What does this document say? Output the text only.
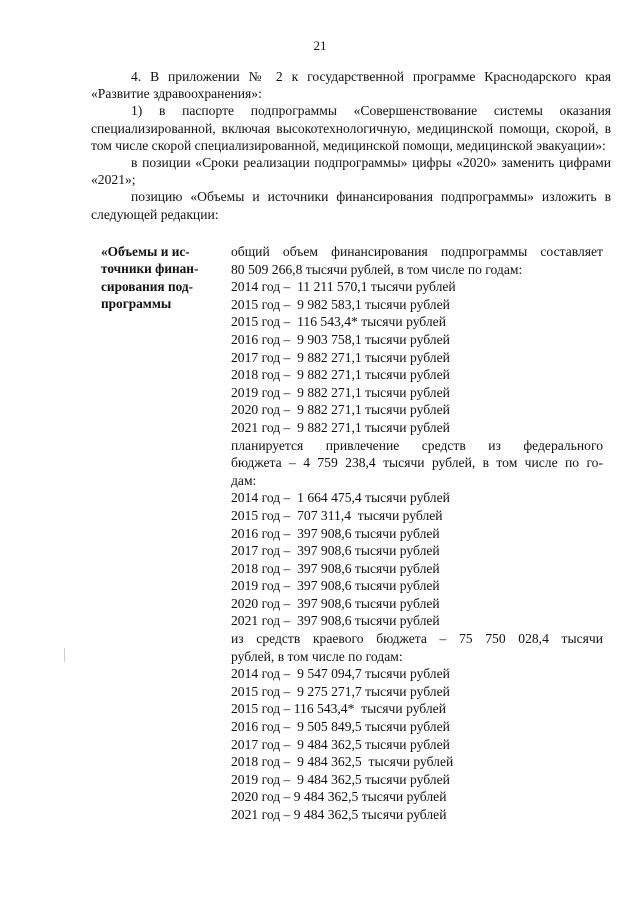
21

4. В приложении № 2 к государственной программе Краснодарского края «Развитие здравоохранения»:

1) в паспорте подпрограммы «Совершенствование системы оказания специализированной, включая высокотехнологичную, медицинской помощи, скорой, в том числе скорой специализированной, медицинской помощи, медицинской эвакуации»:

в позиции «Сроки реализации подпрограммы» цифры «2020» заменить цифрами «2021»;

позицию «Объемы и источники финансирования подпрограммы» изложить в следующей редакции:

«Объемы и ис-
точники финан-
сирования под-
программы
общий объем финансирования подпрограммы составляет
80 509 266,8 тысячи рублей, в том числе по годам:
2014 год –  11 211 570,1 тысячи рублей
2015 год –  9 982 583,1 тысячи рублей
2015 год –  116 543,4* тысячи рублей
2016 год –  9 903 758,1 тысячи рублей
2017 год –  9 882 271,1 тысячи рублей
2018 год –  9 882 271,1 тысячи рублей
2019 год –  9 882 271,1 тысячи рублей
2020 год –  9 882 271,1 тысячи рублей
2021 год –  9 882 271,1 тысячи рублей
планируется привлечение средств из федерального
бюджета – 4 759 238,4 тысячи рублей, в том числе по го-
дам:
2014 год –  1 664 475,4 тысячи рублей
2015 год –  707 311,4  тысячи рублей
2016 год –  397 908,6 тысячи рублей
2017 год –  397 908,6 тысячи рублей
2018 год –  397 908,6 тысячи рублей
2019 год –  397 908,6 тысячи рублей
2020 год –  397 908,6 тысячи рублей
2021 год –  397 908,6 тысячи рублей
из средств краевого бюджета – 75 750 028,4 тысячи
рублей, в том числе по годам:
2014 год –  9 547 094,7 тысячи рублей
2015 год –  9 275 271,7 тысячи рублей
2015 год – 116 543,4*  тысячи рублей
2016 год –  9 505 849,5 тысячи рублей
2017 год –  9 484 362,5 тысячи рублей
2018 год –  9 484 362,5  тысячи рублей
2019 год –  9 484 362,5 тысячи рублей
2020 год – 9 484 362,5 тысячи рублей
2021 год – 9 484 362,5 тысячи рублей
